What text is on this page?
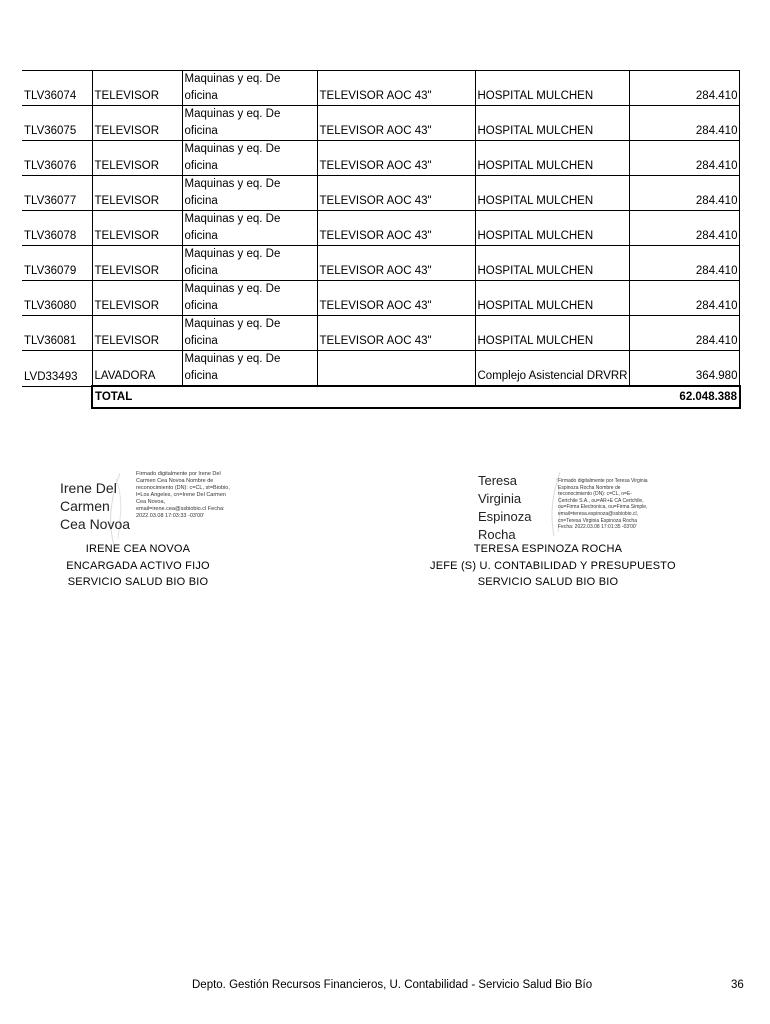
TLV36074	TELEVISOR	Maquinas y eq. De oficina	TELEVISOR AOC 43"	HOSPITAL MULCHEN	284.410
TLV36075	TELEVISOR	Maquinas y eq. De oficina	TELEVISOR AOC 43"	HOSPITAL MULCHEN	284.410
TLV36076	TELEVISOR	Maquinas y eq. De oficina	TELEVISOR AOC 43"	HOSPITAL MULCHEN	284.410
TLV36077	TELEVISOR	Maquinas y eq. De oficina	TELEVISOR AOC 43"	HOSPITAL MULCHEN	284.410
TLV36078	TELEVISOR	Maquinas y eq. De oficina	TELEVISOR AOC 43"	HOSPITAL MULCHEN	284.410
TLV36079	TELEVISOR	Maquinas y eq. De oficina	TELEVISOR AOC 43"	HOSPITAL MULCHEN	284.410
TLV36080	TELEVISOR	Maquinas y eq. De oficina	TELEVISOR AOC 43"	HOSPITAL MULCHEN	284.410
TLV36081	TELEVISOR	Maquinas y eq. De oficina	TELEVISOR AOC 43"	HOSPITAL MULCHEN	284.410
LVD33493	LAVADORA	Maquinas y eq. De oficina		Complejo Asistencial DRVRR	364.980
	TOTAL				62.048.388
Irene Del
Carmen
Cea Novoa
Firmado digitalmente por Irene Del Carmen Cea Novoa Nombre de reconocimiento (DN): c=CL, st=Biobio, l=Los Angeles, cn=Irene Del Carmen Cea Novoa, email=irene.cea@ssbiobio.cl Fecha: 2022.03.08 17:03:33 -03'00'
IRENE CEA NOVOA
ENCARGADA ACTIVO FIJO
SERVICIO SALUD BIO BIO
Teresa
Virginia
Espinoza
Rocha
Firmado digitalmente por Teresa Virginia Espinoza Rocha Nombre de reconocimiento (DN): c=CL, o=E-Certchile S.A., ou=AR+E CA Certchile, ou=Firma Electronica, ou=Firma Simple, email=teresa.espinoza@ssbiobio.cl, cn=Teresa Virginia Espinoza Rocha Fecha: 2022.03.08 17:01:35 -03'00'
TERESA ESPINOZA ROCHA
JEFE (S) U. CONTABILIDAD Y PRESUPUESTO
SERVICIO SALUD BIO BIO
Depto. Gestión Recursos Financieros, U. Contabilidad - Servicio Salud Bio Bío	36
